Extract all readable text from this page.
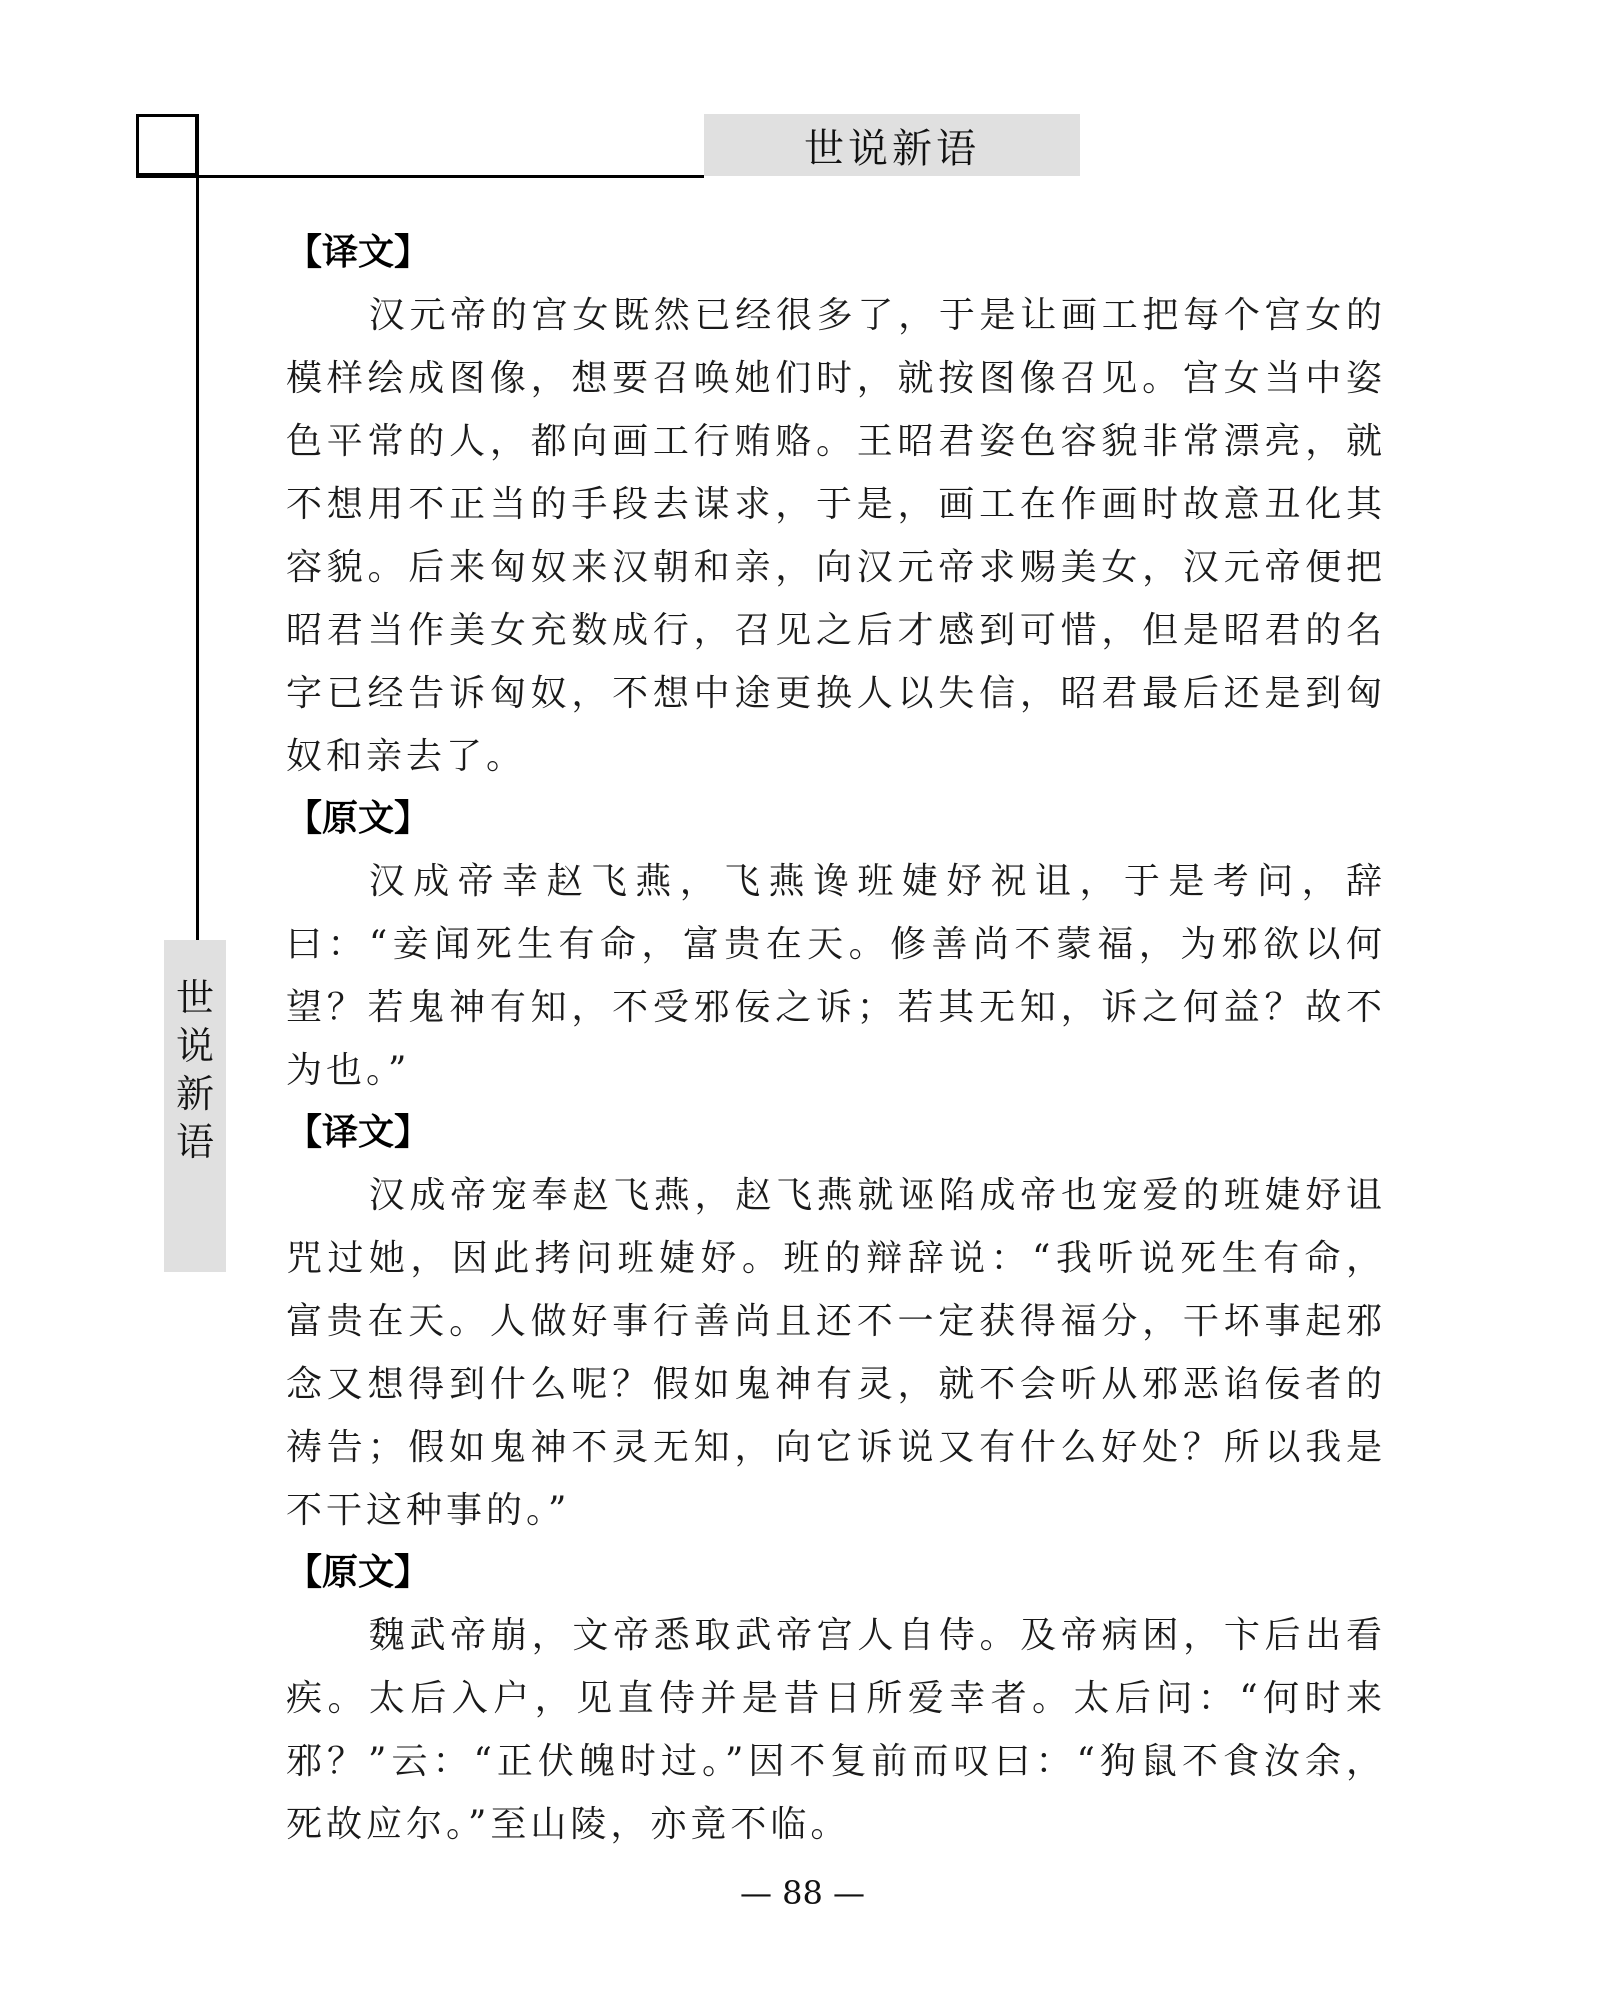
世说新语
世
说
新
语

【译文】

汉元帝的宫女既然已经很多了，于是让画工把每个宫女的模样绘成图像，想要召唤她们时，就按图像召见。宫女当中姿色平常的人，都向画工行贿赂。王昭君姿色容貌非常漂亮，就不想用不正当的手段去谋求，于是，画工在作画时故意丑化其容貌。后来匈奴来汉朝和亲，向汉元帝求赐美女，汉元帝便把昭君当作美女充数成行，召见之后才感到可惜，但是昭君的名字已经告诉匈奴，不想中途更换人以失信，昭君最后还是到匈奴和亲去了。

【原文】

汉成帝幸赵飞燕，飞燕谗班婕妤祝诅，于是考问，辞曰：“妾闻死生有命，富贵在天。修善尚不蒙福，为邪欲以何望？若鬼神有知，不受邪佞之诉；若其无知，诉之何益？故不为也。”

【译文】

汉成帝宠奉赵飞燕，赵飞燕就诬陷成帝也宠爱的班婕妤诅咒过她，因此拷问班婕妤。班的辩辞说：“我听说死生有命，富贵在天。人做好事行善尚且还不一定获得福分，干坏事起邪念又想得到什么呢？假如鬼神有灵，就不会听从邪恶谄佞者的祷告；假如鬼神不灵无知，向它诉说又有什么好处？所以我是不干这种事的。”

【原文】

魏武帝崩，文帝悉取武帝宫人自侍。及帝病困，卞后出看疾。太后入户，见直侍并是昔日所爱幸者。太后问：“何时来邪？”云：“正伏魄时过。”因不复前而叹曰：“狗鼠不食汝余，死故应尔。”至山陵，亦竟不临。

— 88 —
